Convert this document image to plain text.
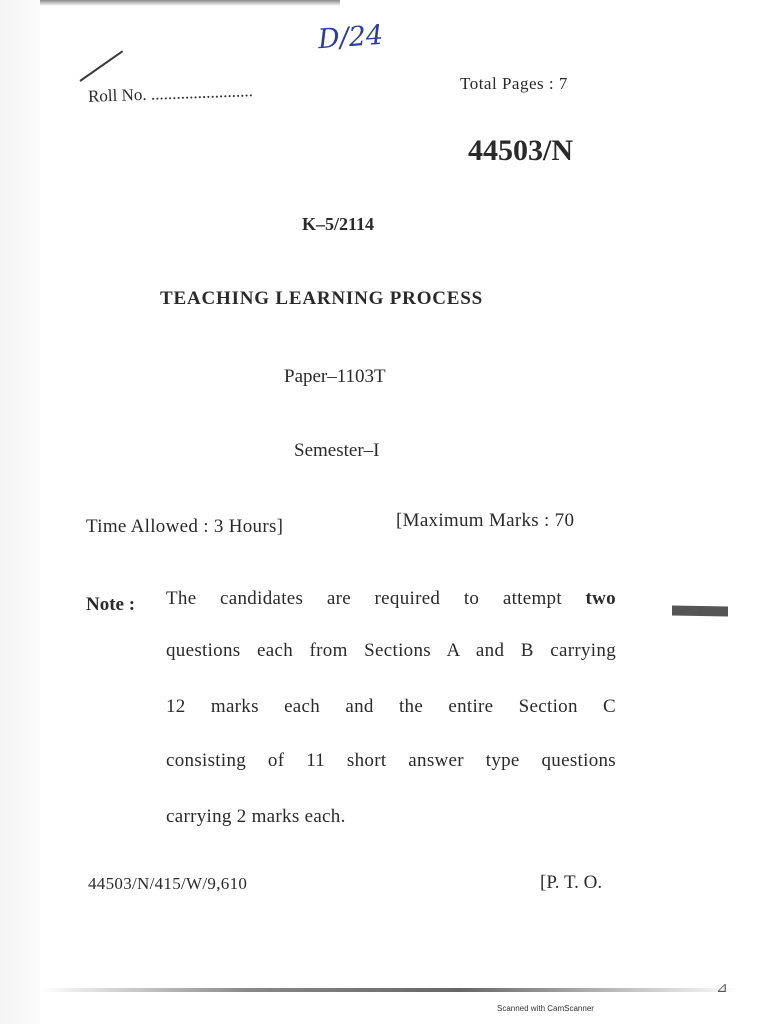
D/24
Roll No. ........................	Total Pages : 7
44503/N
K–5/2114
TEACHING LEARNING PROCESS
Paper–1103T
Semester–I
Time Allowed : 3 Hours]	[Maximum Marks : 70
Note : The candidates are required to attempt two
questions each from Sections A and B carrying
12 marks each and the entire Section C
consisting of 11 short answer type questions
carrying 2 marks each.
44503/N/415/W/9,610	[P. T. O.
⊿
Scanned with CamScanner
